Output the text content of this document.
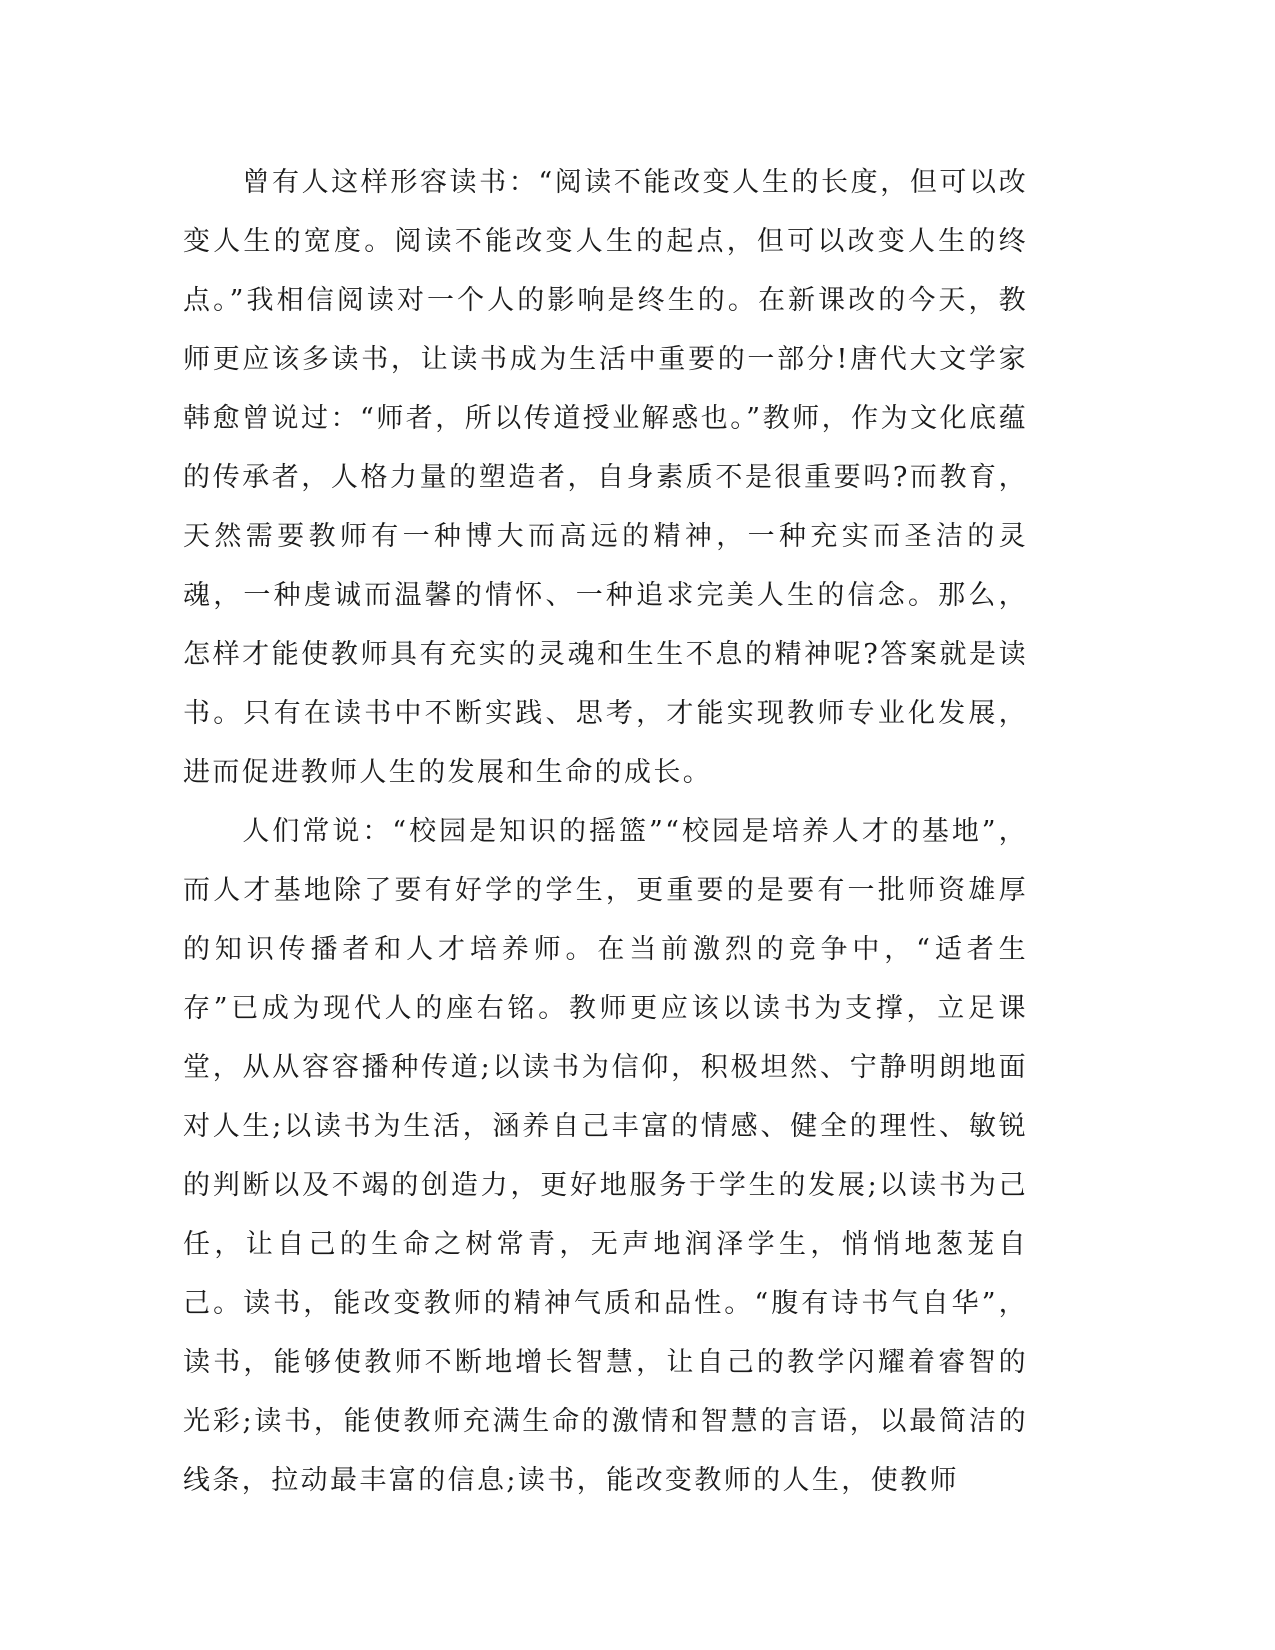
曾有人这样形容读书：“阅读不能改变人生的长度，但可以改变人生的宽度。阅读不能改变人生的起点，但可以改变人生的终点。”我相信阅读对一个人的影响是终生的。在新课改的今天，教师更应该多读书，让读书成为生活中重要的一部分!唐代大文学家韩愈曾说过：“师者，所以传道授业解惑也。”教师，作为文化底蕴的传承者，人格力量的塑造者，自身素质不是很重要吗?而教育，天然需要教师有一种博大而高远的精神，一种充实而圣洁的灵魂，一种虔诚而温馨的情怀、一种追求完美人生的信念。那么，怎样才能使教师具有充实的灵魂和生生不息的精神呢?答案就是读书。只有在读书中不断实践、思考，才能实现教师专业化发展，进而促进教师人生的发展和生命的成长。

人们常说：“校园是知识的摇篮”“校园是培养人才的基地”，而人才基地除了要有好学的学生，更重要的是要有一批师资雄厚的知识传播者和人才培养师。在当前激烈的竞争中，“适者生存”已成为现代人的座右铭。教师更应该以读书为支撑，立足课堂，从从容容播种传道;以读书为信仰，积极坦然、宁静明朗地面对人生;以读书为生活，涵养自己丰富的情感、健全的理性、敏锐的判断以及不竭的创造力，更好地服务于学生的发展;以读书为己任，让自己的生命之树常青，无声地润泽学生，悄悄地葱茏自己。读书，能改变教师的精神气质和品性。“腹有诗书气自华”，读书，能够使教师不断地增长智慧，让自己的教学闪耀着睿智的光彩;读书，能使教师充满生命的激情和智慧的言语，以最简洁的线条，拉动最丰富的信息;读书，能改变教师的人生，使教师
